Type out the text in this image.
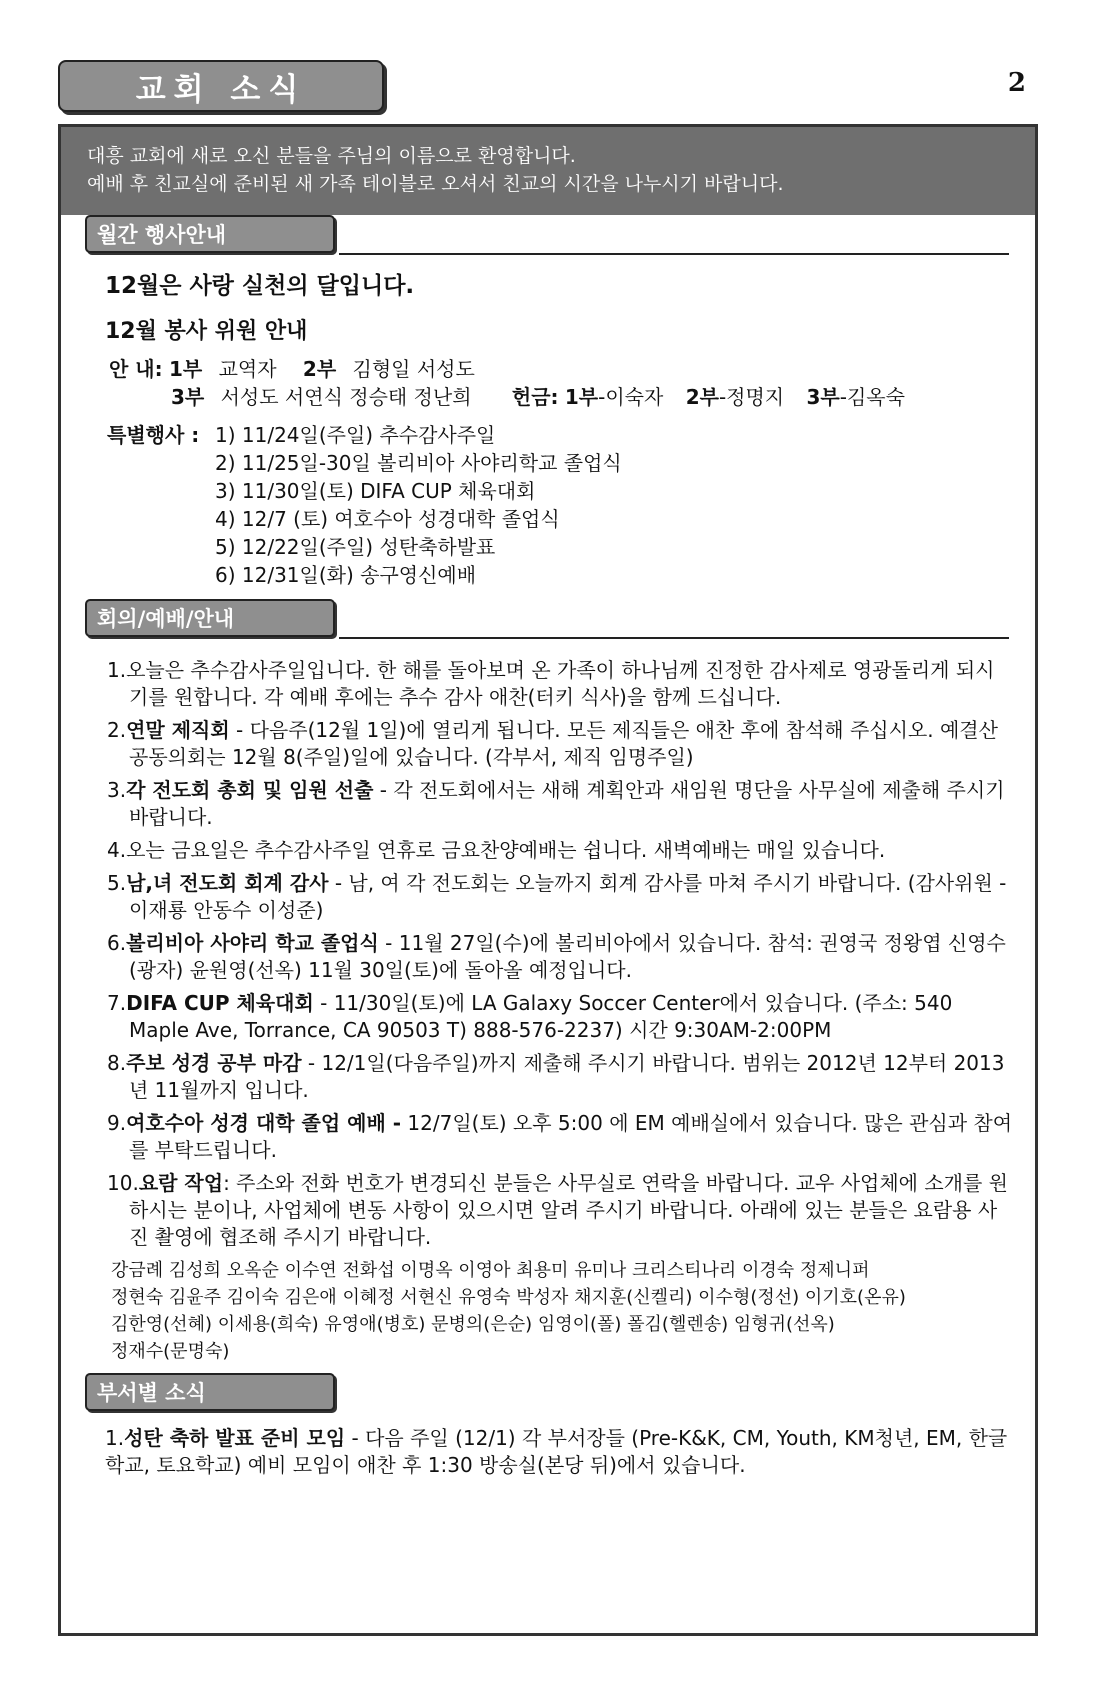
교회 소식	2
대흥 교회에 새로 오신 분들을 주님의 이름으로 환영합니다.
예배 후 친교실에 준비된 새 가족 테이블로 오셔서 친교의 시간을 나누시기 바랍니다.
월간 행사안내
12월은 사랑 실천의 달입니다.
12월 봉사 위원 안내
안 내: 1부 교역자 2부 김형일 서성도
3부 서성도 서연식 정승태 정난희 헌금: 1부-이숙자 2부-정명지 3부-김옥숙
특별행사 : 1) 11/24일(주일) 추수감사주일
2) 11/25일-30일 볼리비아 사야리학교 졸업식
3) 11/30일(토) DIFA CUP 체육대회
4) 12/7 (토) 여호수아 성경대학 졸업식
5) 12/22일(주일) 성탄축하발표
6) 12/31일(화) 송구영신예배
회의/예배/안내
1.오늘은 추수감사주일입니다. 한 해를 돌아보며 온 가족이 하나님께 진정한 감사제로 영광돌리게 되시기를 원합니다. 각 예배 후에는 추수 감사 애찬(터키 식사)을 함께 드십니다.
2.연말 제직회 - 다음주(12월 1일)에 열리게 됩니다. 모든 제직들은 애찬 후에 참석해 주십시오. 예결산 공동의회는 12월 8(주일)일에 있습니다. (각부서, 제직 임명주일)
3.각 전도회 총회 및 임원 선출 - 각 전도회에서는 새해 계획안과 새임원 명단을 사무실에 제출해 주시기 바랍니다.
4.오는 금요일은 추수감사주일 연휴로 금요찬양예배는 쉽니다. 새벽예배는 매일 있습니다.
5.남,녀 전도회 회계 감사 - 남, 여 각 전도회는 오늘까지 회계 감사를 마쳐 주시기 바랍니다. (감사위원 - 이재룡 안동수 이성준)
6.볼리비아 사야리 학교 졸업식 - 11월 27일(수)에 볼리비아에서 있습니다. 참석: 권영국 정왕엽 신영수(광자) 윤원영(선옥) 11월 30일(토)에 돌아올 예정입니다.
7.DIFA CUP 체육대회 - 11/30일(토)에 LA Galaxy Soccer Center에서 있습니다. (주소: 540 Maple Ave, Torrance, CA 90503 T) 888-576-2237) 시간 9:30AM-2:00PM
8.주보 성경 공부 마감 - 12/1일(다음주일)까지 제출해 주시기 바랍니다. 범위는 2012년 12부터 2013년 11월까지 입니다.
9.여호수아 성경 대학 졸업 예배 - 12/7일(토) 오후 5:00 에 EM 예배실에서 있습니다. 많은 관심과 참여를 부탁드립니다.
10.요람 작업: 주소와 전화 번호가 변경되신 분들은 사무실로 연락을 바랍니다. 교우 사업체에 소개를 원하시는 분이나, 사업체에 변동 사항이 있으시면 알려 주시기 바랍니다. 아래에 있는 분들은 요람용 사진 촬영에 협조해 주시기 바랍니다.
강금례 김성희 오옥순 이수연 전화섭 이명옥 이영아 최용미 유미나 크리스티나리 이경숙 정제니퍼
정현숙 김윤주 김이숙 김은애 이혜정 서현신 유영숙 박성자 채지훈(신켈리) 이수형(정선) 이기호(온유)
김한영(선혜) 이세용(희숙) 유영애(병호) 문병의(은순) 임영이(폴) 폴김(헬렌송) 임형귀(선옥)
정재수(문명숙)
부서별 소식
1.성탄 축하 발표 준비 모임 - 다음 주일 (12/1) 각 부서장들 (Pre-K&K, CM, Youth, KM청년, EM, 한글학교, 토요학교) 예비 모임이 애찬 후 1:30 방송실(본당 뒤)에서 있습니다.
